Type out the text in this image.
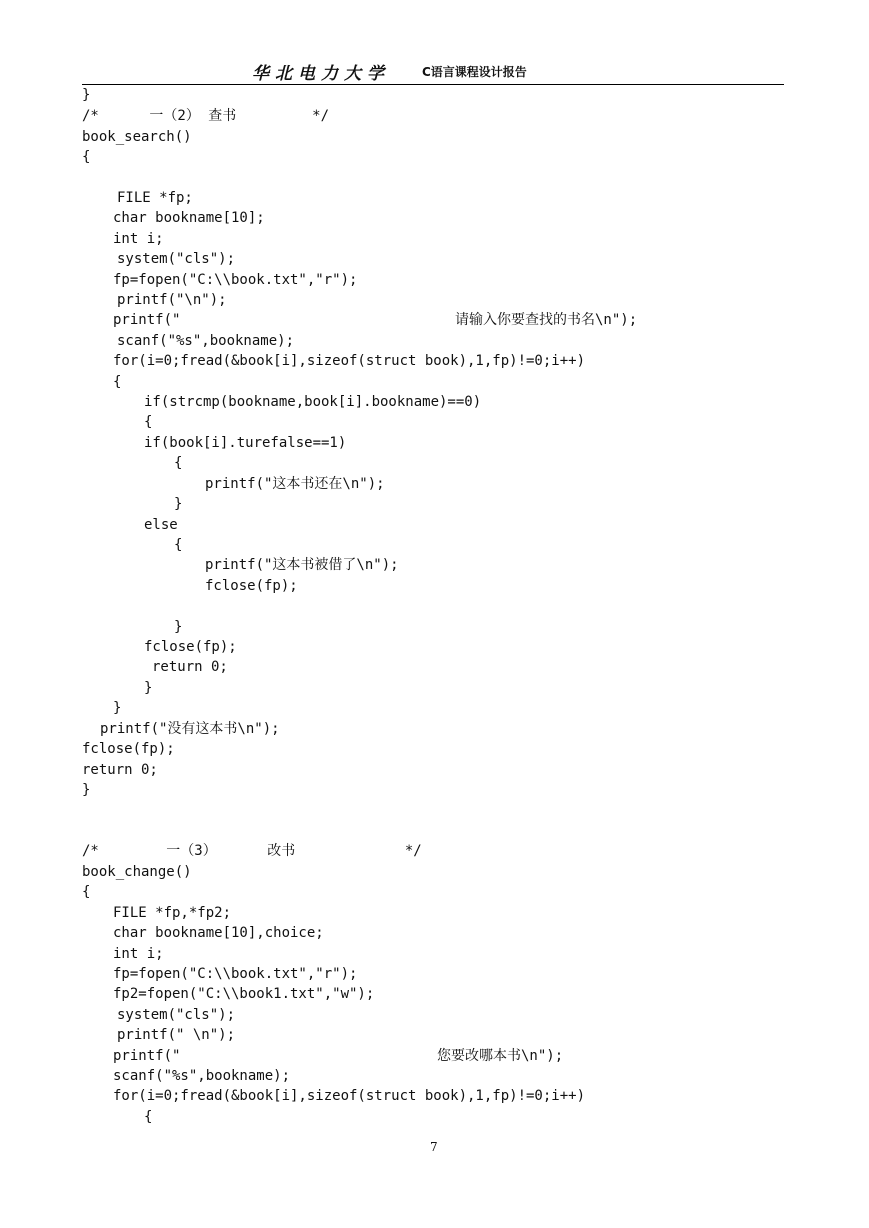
华北电力大学	C语言课程设计报告
}
/*      一（2） 查书         */
book_search()
{
FILE *fp;
char bookname[10];
int i;
system("cls");
fp=fopen("C:\\book.txt","r");
printf("\n");
printf("	请输入你要查找的书名\n");
scanf("%s",bookname);
for(i=0;fread(&book[i],sizeof(struct book),1,fp)!=0;i++)
{
if(strcmp(bookname,book[i].bookname)==0)
{
if(book[i].turefalse==1)
{
printf("这本书还在\n");
}
else
{
printf("这本书被借了\n");
fclose(fp);
}
fclose(fp);
return 0;
}
}
printf("没有这本书\n");
fclose(fp);
return 0;
}
/*        一（3）      改书             */
book_change()
{
FILE *fp,*fp2;
char bookname[10],choice;
int i;
fp=fopen("C:\\book.txt","r");
fp2=fopen("C:\\book1.txt","w");
system("cls");
printf(" \n");
printf("	您要改哪本书\n");
scanf("%s",bookname);
for(i=0;fread(&book[i],sizeof(struct book),1,fp)!=0;i++)
{
7
